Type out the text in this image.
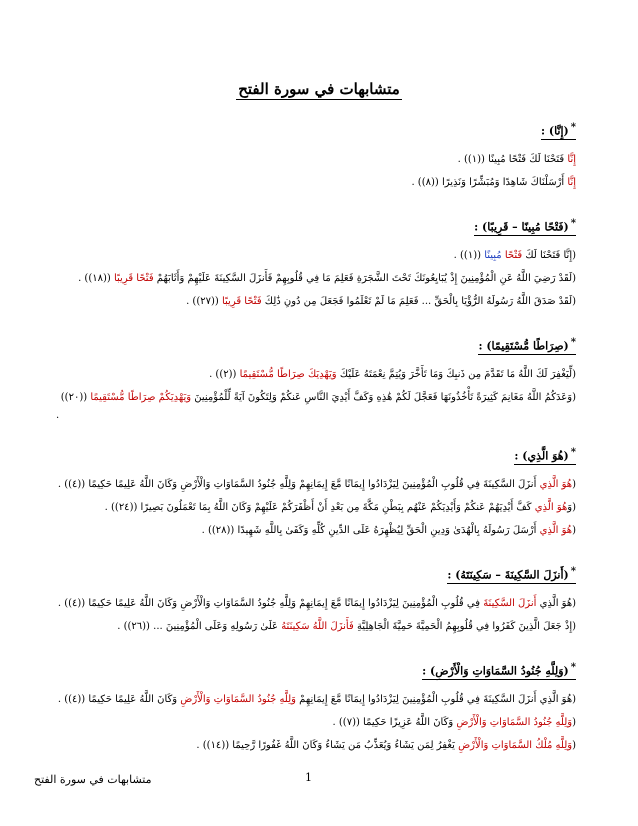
متشابهات في سورة الفتح
*(إِنَّا) :
إِنَّا فَتَحْنَا لَكَ فَتْحًا مُبِينًا ((١)) .
إِنَّا أَرْسَلْنَاكَ شَاهِدًا وَمُبَشِّرًا وَنَذِيرًا ((٨)) .
*(فَتْحًا مُبِينًا – قَرِيبًا) :
(إِنَّا فَتَحْنَا لَكَ فَتْحًا مُبِينًا ((١)) .
(لَقَدْ رَضِيَ اللَّهُ عَنِ الْمُؤْمِنِينَ إِذْ يُبَايِعُونَكَ تَحْتَ الشَّجَرَةِ فَعَلِمَ مَا فِي قُلُوبِهِمْ فَأَنزَلَ السَّكِينَةَ عَلَيْهِمْ وَأَثَابَهُمْ فَتْحًا قَرِيبًا ((١٨)) .
(لَقَدْ صَدَقَ اللَّهُ رَسُولَهُ الرُّؤْيَا بِالْحَقِّ ... فَعَلِمَ مَا لَمْ تَعْلَمُوا فَجَعَلَ مِن دُونِ ذَٰلِكَ فَتْحًا قَرِيبًا ((٢٧)) .
*(صِرَاطًا مُّسْتَقِيمًا) :
(لِّيَغْفِرَ لَكَ اللَّهُ مَا تَقَدَّمَ مِن ذَنبِكَ وَمَا تَأَخَّرَ وَيُتِمَّ نِعْمَتَهُ عَلَيْكَ وَيَهْدِيَكَ صِرَاطًا مُّسْتَقِيمًا ((٢)) .
(وَعَدَكُمُ اللَّهُ مَغَانِمَ كَثِيرَةً تَأْخُذُونَهَا فَعَجَّلَ لَكُمْ هَٰذِهِ وَكَفَّ أَيْدِيَ النَّاسِ عَنكُمْ وَلِتَكُونَ آيَةً لِّلْمُؤْمِنِينَ وَيَهْدِيَكُمْ صِرَاطًا مُّسْتَقِيمًا ((٢٠))
.
*(هُوَ الَّذِي) :
(هُوَ الَّذِي أَنزَلَ السَّكِينَةَ فِي قُلُوبِ الْمُؤْمِنِينَ لِيَزْدَادُوا إِيمَانًا مَّعَ إِيمَانِهِمْ وَلِلَّهِ جُنُودُ السَّمَاوَاتِ وَالْأَرْضِ وَكَانَ اللَّهُ عَلِيمًا حَكِيمًا ((٤)) .
(وَهُوَ الَّذِي كَفَّ أَيْدِيَهُمْ عَنكُمْ وَأَيْدِيَكُمْ عَنْهُم بِبَطْنِ مَكَّةَ مِن بَعْدِ أَنْ أَظْفَرَكُمْ عَلَيْهِمْ وَكَانَ اللَّهُ بِمَا تَعْمَلُونَ بَصِيرًا ((٢٤)) .
(هُوَ الَّذِي أَرْسَلَ رَسُولَهُ بِالْهُدَىٰ وَدِينِ الْحَقِّ لِيُظْهِرَهُ عَلَى الدِّينِ كُلِّهِ وَكَفَىٰ بِاللَّهِ شَهِيدًا ((٢٨)) .
*(أَنزَلَ السَّكِينَةَ – سَكِينَتَهُ) :
(هُوَ الَّذِي أَنزَلَ السَّكِينَةَ فِي قُلُوبِ الْمُؤْمِنِينَ لِيَزْدَادُوا إِيمَانًا مَّعَ إِيمَانِهِمْ وَلِلَّهِ جُنُودُ السَّمَاوَاتِ وَالْأَرْضِ وَكَانَ اللَّهُ عَلِيمًا حَكِيمًا ((٤)) .
(إِذْ جَعَلَ الَّذِينَ كَفَرُوا فِي قُلُوبِهِمُ الْحَمِيَّةَ حَمِيَّةَ الْجَاهِلِيَّةِ فَأَنزَلَ اللَّهُ سَكِينَتَهُ عَلَىٰ رَسُولِهِ وَعَلَى الْمُؤْمِنِينَ ... ((٢٦)) .
*(وَلِلَّهِ جُنُودُ السَّمَاوَاتِ وَالْأَرْضِ) :
(هُوَ الَّذِي أَنزَلَ السَّكِينَةَ فِي قُلُوبِ الْمُؤْمِنِينَ لِيَزْدَادُوا إِيمَانًا مَّعَ إِيمَانِهِمْ وَلِلَّهِ جُنُودُ السَّمَاوَاتِ وَالْأَرْضِ وَكَانَ اللَّهُ عَلِيمًا حَكِيمًا ((٤)) .
(وَلِلَّهِ جُنُودُ السَّمَاوَاتِ وَالْأَرْضِ وَكَانَ اللَّهُ عَزِيزًا حَكِيمًا ((٧)) .
(وَلِلَّهِ مُلْكُ السَّمَاوَاتِ وَالْأَرْضِ يَغْفِرُ لِمَن يَشَاءُ وَيُعَذِّبُ مَن يَشَاءُ وَكَانَ اللَّهُ غَفُورًا رَّحِيمًا ((١٤)) .
1
متشابهات في سورة الفتح
